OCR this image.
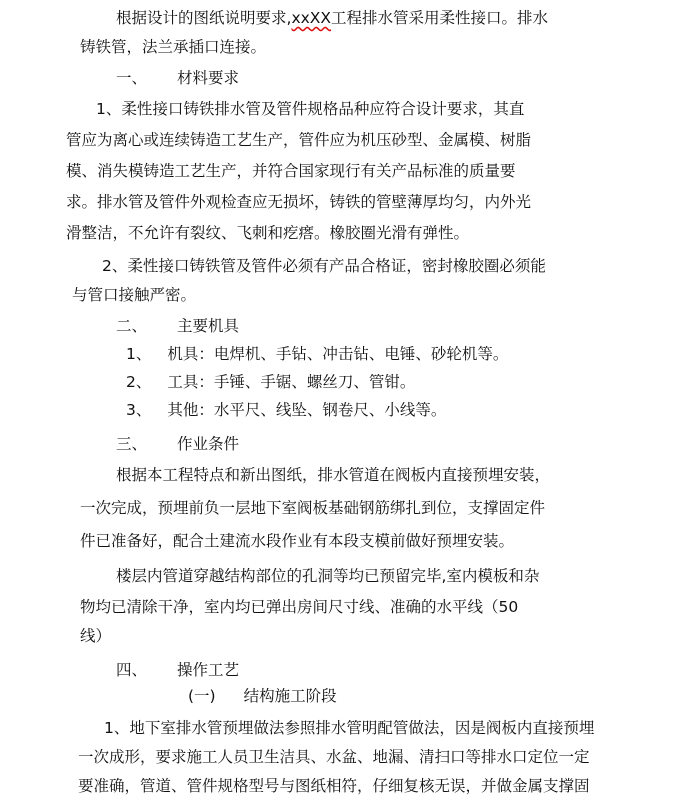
根据设计的图纸说明要求,xxXX工程排水管采用柔性接口。排水
铸铁管，法兰承插口连接。
一、 材料要求
1、柔性接口铸铁排水管及管件规格品种应符合设计要求，其直
管应为离心或连续铸造工艺生产，管件应为机压砂型、金属模、树脂
模、消失模铸造工艺生产，并符合国家现行有关产品标准的质量要
求。排水管及管件外观检查应无损坏，铸铁的管壁薄厚均匀，内外光
滑整洁，不允许有裂纹、飞刺和疙瘩。橡胶圈光滑有弹性。
2、柔性接口铸铁管及管件必须有产品合格证，密封橡胶圈必须能
与管口接触严密。
二、 主要机具
1、 机具：电焊机、手钻、冲击钻、电锤、砂轮机等。
2、 工具：手锤、手锯、螺丝刀、管钳。
3、 其他：水平尺、线坠、钢卷尺、小线等。
三、 作业条件
根据本工程特点和新出图纸，排水管道在阀板内直接预埋安装，
一次完成，预埋前负一层地下室阀板基础钢筋绑扎到位，支撑固定件
件已准备好，配合土建流水段作业有本段支模前做好预埋安装。
楼层内管道穿越结构部位的孔洞等均已预留完毕,室内模板和杂
物均已清除干净，室内均已弹出房间尺寸线、准确的水平线（50
线）
四、 操作工艺
(一) 结构施工阶段
1、地下室排水管预埋做法参照排水管明配管做法，因是阀板内直接预埋
一次成形，要求施工人员卫生洁具、水盆、地漏、清扫口等排水口定位一定
要准确，管道、管件规格型号与图纸相符，仔细复核无误，并做金属支撑固
